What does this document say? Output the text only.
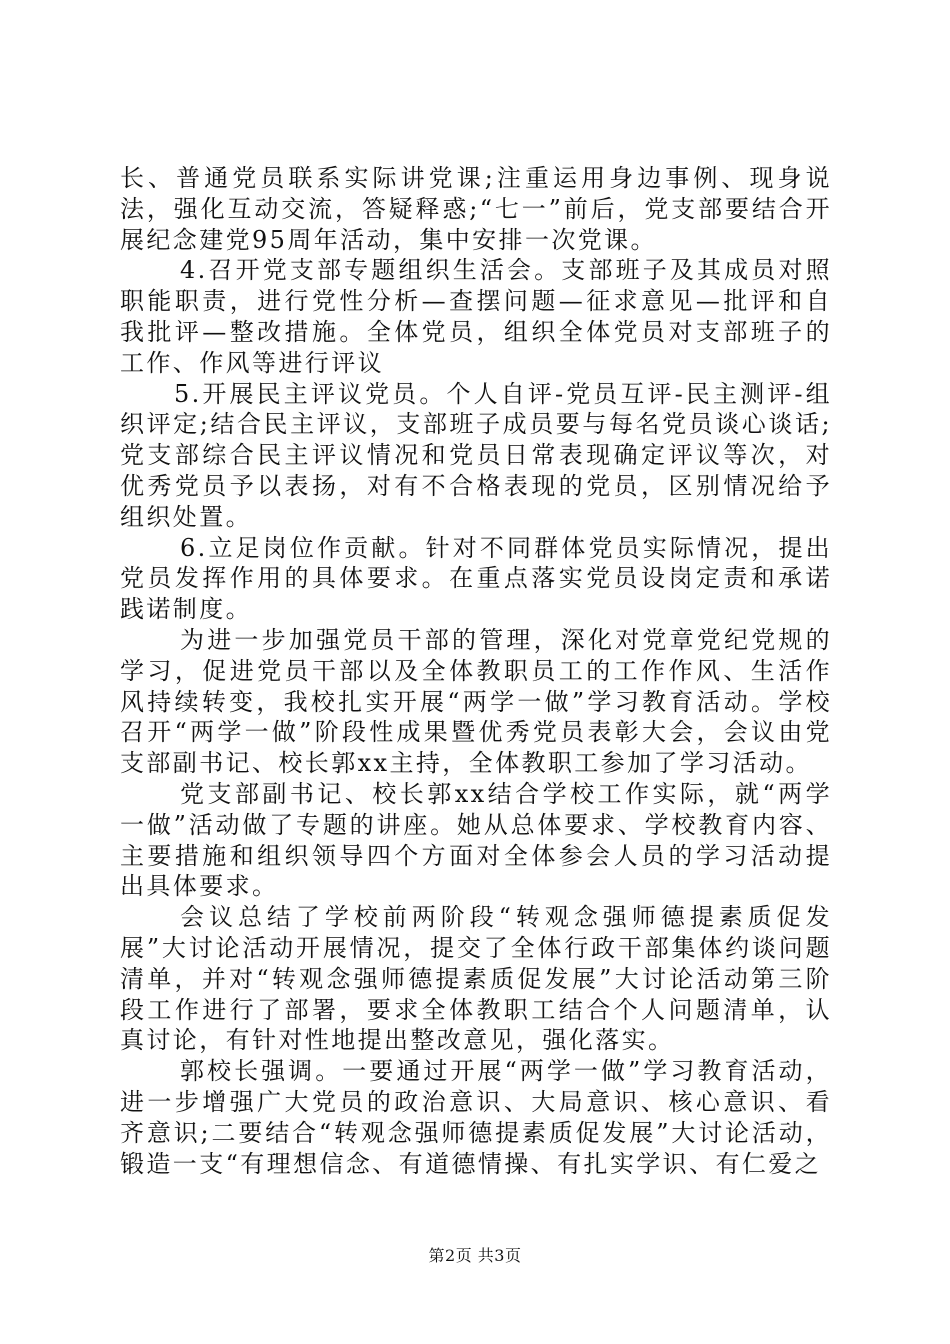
长、普通党员联系实际讲党课;注重运用身边事例、现身说法，强化互动交流，答疑释惑;“七一”前后，党支部要结合开展纪念建党95周年活动，集中安排一次党课。

4.召开党支部专题组织生活会。支部班子及其成员对照职能职责，进行党性分析—查摆问题—征求意见—批评和自我批评—整改措施。全体党员，组织全体党员对支部班子的工作、作风等进行评议

5.开展民主评议党员。个人自评-党员互评-民主测评-组织评定;结合民主评议，支部班子成员要与每名党员谈心谈话;党支部综合民主评议情况和党员日常表现确定评议等次，对优秀党员予以表扬，对有不合格表现的党员，区别情况给予组织处置。

6.立足岗位作贡献。针对不同群体党员实际情况，提出党员发挥作用的具体要求。在重点落实党员设岗定责和承诺践诺制度。

为进一步加强党员干部的管理，深化对党章党纪党规的学习，促进党员干部以及全体教职员工的工作作风、生活作风持续转变，我校扎实开展“两学一做”学习教育活动。学校召开“两学一做”阶段性成果暨优秀党员表彰大会，会议由党支部副书记、校长郭xx主持，全体教职工参加了学习活动。

党支部副书记、校长郭xx结合学校工作实际，就“两学一做”活动做了专题的讲座。她从总体要求、学校教育内容、主要措施和组织领导四个方面对全体参会人员的学习活动提出具体要求。

会议总结了学校前两阶段“转观念强师德提素质促发展”大讨论活动开展情况，提交了全体行政干部集体约谈问题清单，并对“转观念强师德提素质促发展”大讨论活动第三阶段工作进行了部署，要求全体教职工结合个人问题清单，认真讨论，有针对性地提出整改意见，强化落实。

郭校长强调。一要通过开展“两学一做”学习教育活动，进一步增强广大党员的政治意识、大局意识、核心意识、看齐意识;二要结合“转观念强师德提素质促发展”大讨论活动，锻造一支“有理想信念、有道德情操、有扎实学识、有仁爱之

第2页 共3页
